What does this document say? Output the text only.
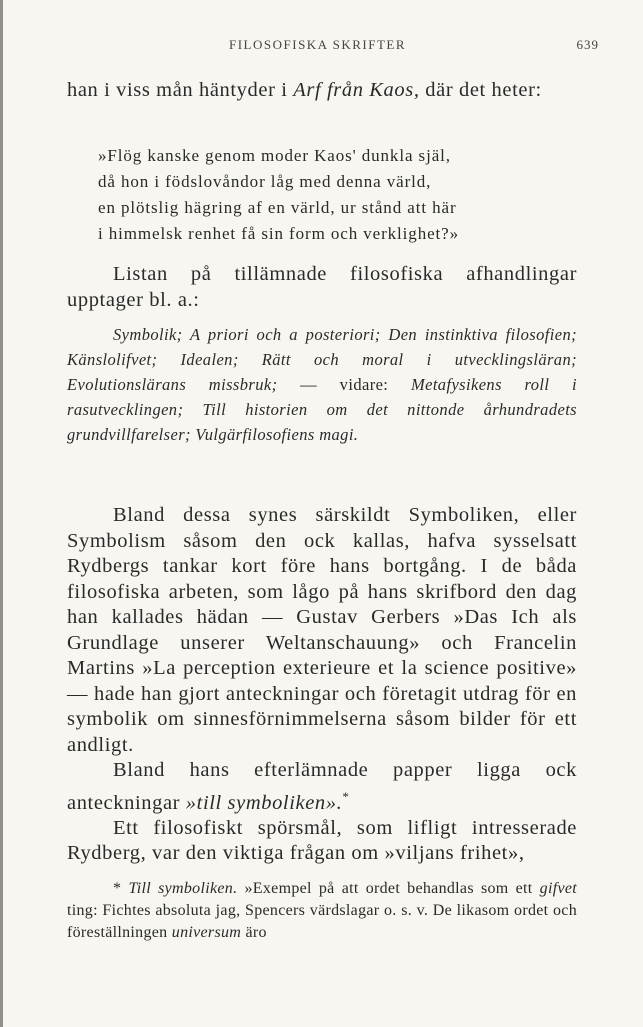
FILOSOFISKA SKRIFTER	639

han i viss mån häntyder i Arf från Kaos, där det heter:

»Flög kanske genom moder Kaos' dunkla själ,

då hon i födslovåndor låg med denna värld,

en plötslig hägring af en värld, ur stånd att här

i himmelsk renhet få sin form och verklighet?»

Listan på tillämnade filosofiska afhandlingar upptager bl. a.:

Symbolik; A priori och a posteriori; Den instinktiva filosofien; Känslolifvet; Idealen; Rätt och moral i utvecklingsläran; Evolutionslärans missbruk; — vidare: Metafysikens roll i rasutvecklingen; Till historien om det nittonde århundradets grundvillfarelser; Vulgärfilosofiens magi.

Bland dessa synes särskildt Symboliken, eller Symbolism såsom den ock kallas, hafva sysselsatt Rydbergs tankar kort före hans bortgång. I de båda filosofiska arbeten, som lågo på hans skrifbord den dag han kallades hädan — Gustav Gerbers »Das Ich als Grundlage unserer Weltanschauung» och Francelin Martins »La perception exterieure et la science positive» — hade han gjort anteckningar och företagit utdrag för en symbolik om sinnesförnimmelserna såsom bilder för ett andligt.

Bland hans efterlämnade papper ligga ock anteckningar »till symboliken».*

Ett filosofiskt spörsmål, som lifligt intresserade Rydberg, var den viktiga frågan om »viljans frihet»,

* Till symboliken. »Exempel på att ordet behandlas som ett gifvet ting: Fichtes absoluta jag, Spencers värdslagar o. s. v. De likasom ordet och föreställningen universum äro
